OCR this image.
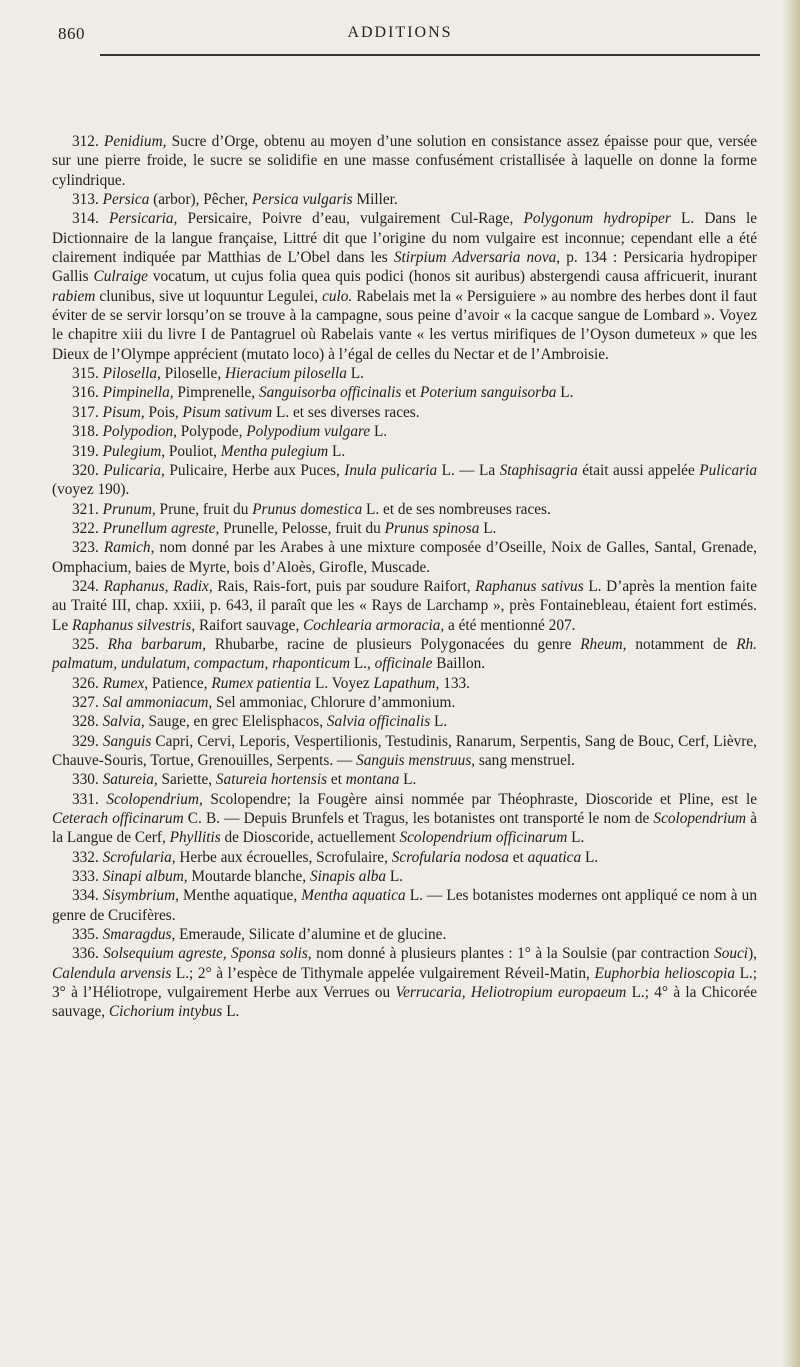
860	ADDITIONS

312. Penidium, Sucre d’Orge, obtenu au moyen d’une solution en consistance assez épaisse pour que, versée sur une pierre froide, le sucre se solidifie en une masse confusément cristallisée à laquelle on donne la forme cylindrique.

313. Persica (arbor), Pêcher, Persica vulgaris Miller.

314. Persicaria, Persicaire, Poivre d’eau, vulgairement Cul-Rage, Polygonum hydropiper L. Dans le Dictionnaire de la langue française, Littré dit que l’origine du nom vulgaire est inconnue; cependant elle a été clairement indiquée par Matthias de L’Obel dans les Stirpium Adversaria nova, p. 134 : Persicaria hydropiper Gallis Culraige vocatum, ut cujus folia quea quis podici (honos sit auribus) abstergendi causa affricuerit, inurant rabiem clunibus, sive ut loquuntur Legulei, culo. Rabelais met la « Persiguiere » au nombre des herbes dont il faut éviter de se servir lorsqu’on se trouve à la campagne, sous peine d’avoir « la cacque sangue de Lombard ». Voyez le chapitre xiii du livre I de Pantagruel où Rabelais vante « les vertus mirifiques de l’Oyson dumeteux » que les Dieux de l’Olympe apprécient (mutato loco) à l’égal de celles du Nectar et de l’Ambroisie.

315. Pilosella, Piloselle, Hieracium pilosella L.

316. Pimpinella, Pimprenelle, Sanguisorba officinalis et Poterium sanguisorba L.

317. Pisum, Pois, Pisum sativum L. et ses diverses races.

318. Polypodion, Polypode, Polypodium vulgare L.

319. Pulegium, Pouliot, Mentha pulegium L.

320. Pulicaria, Pulicaire, Herbe aux Puces, Inula pulicaria L. — La Staphisagria était aussi appelée Pulicaria (voyez 190).

321. Prunum, Prune, fruit du Prunus domestica L. et de ses nombreuses races.

322. Prunellum agreste, Prunelle, Pelosse, fruit du Prunus spinosa L.

323. Ramich, nom donné par les Arabes à une mixture composée d’Oseille, Noix de Galles, Santal, Grenade, Omphacium, baies de Myrte, bois d’Aloès, Girofle, Muscade.

324. Raphanus, Radix, Rais, Rais-fort, puis par soudure Raifort, Raphanus sativus L. D’après la mention faite au Traité III, chap. xxiii, p. 643, il paraît que les « Rays de Larchamp », près Fontainebleau, étaient fort estimés. Le Raphanus silvestris, Raifort sauvage, Cochlearia armoracia, a été mentionné 207.

325. Rha barbarum, Rhubarbe, racine de plusieurs Polygonacées du genre Rheum, notamment de Rh. palmatum, undulatum, compactum, rhaponticum L., officinale Baillon.

326. Rumex, Patience, Rumex patientia L. Voyez Lapathum, 133.

327. Sal ammoniacum, Sel ammoniac, Chlorure d’ammonium.

328. Salvia, Sauge, en grec Elelisphacos, Salvia officinalis L.

329. Sanguis Capri, Cervi, Leporis, Vespertilionis, Testudinis, Ranarum, Serpentis, Sang de Bouc, Cerf, Lièvre, Chauve-Souris, Tortue, Grenouilles, Serpents. — Sanguis menstruus, sang menstruel.

330. Satureia, Sariette, Satureia hortensis et montana L.

331. Scolopendrium, Scolopendre; la Fougère ainsi nommée par Théophraste, Dioscoride et Pline, est le Ceterach officinarum C. B. — Depuis Brunfels et Tragus, les botanistes ont transporté le nom de Scolopendrium à la Langue de Cerf, Phyllitis de Dioscoride, actuellement Scolopendrium officinarum L.

332. Scrofularia, Herbe aux écrouelles, Scrofulaire, Scrofularia nodosa et aquatica L.

333. Sinapi album, Moutarde blanche, Sinapis alba L.

334. Sisymbrium, Menthe aquatique, Mentha aquatica L. — Les botanistes modernes ont appliqué ce nom à un genre de Crucifères.

335. Smaragdus, Emeraude, Silicate d’alumine et de glucine.

336. Solsequium agreste, Sponsa solis, nom donné à plusieurs plantes : 1° à la Soulsie (par contraction Souci), Calendula arvensis L.; 2° à l’espèce de Tithymale appelée vulgairement Réveil-Matin, Euphorbia helioscopia L.; 3° à l’Héliotrope, vulgairement Herbe aux Verrues ou Verrucaria, Heliotropium europaeum L.; 4° à la Chicorée sauvage, Cichorium intybus L.
